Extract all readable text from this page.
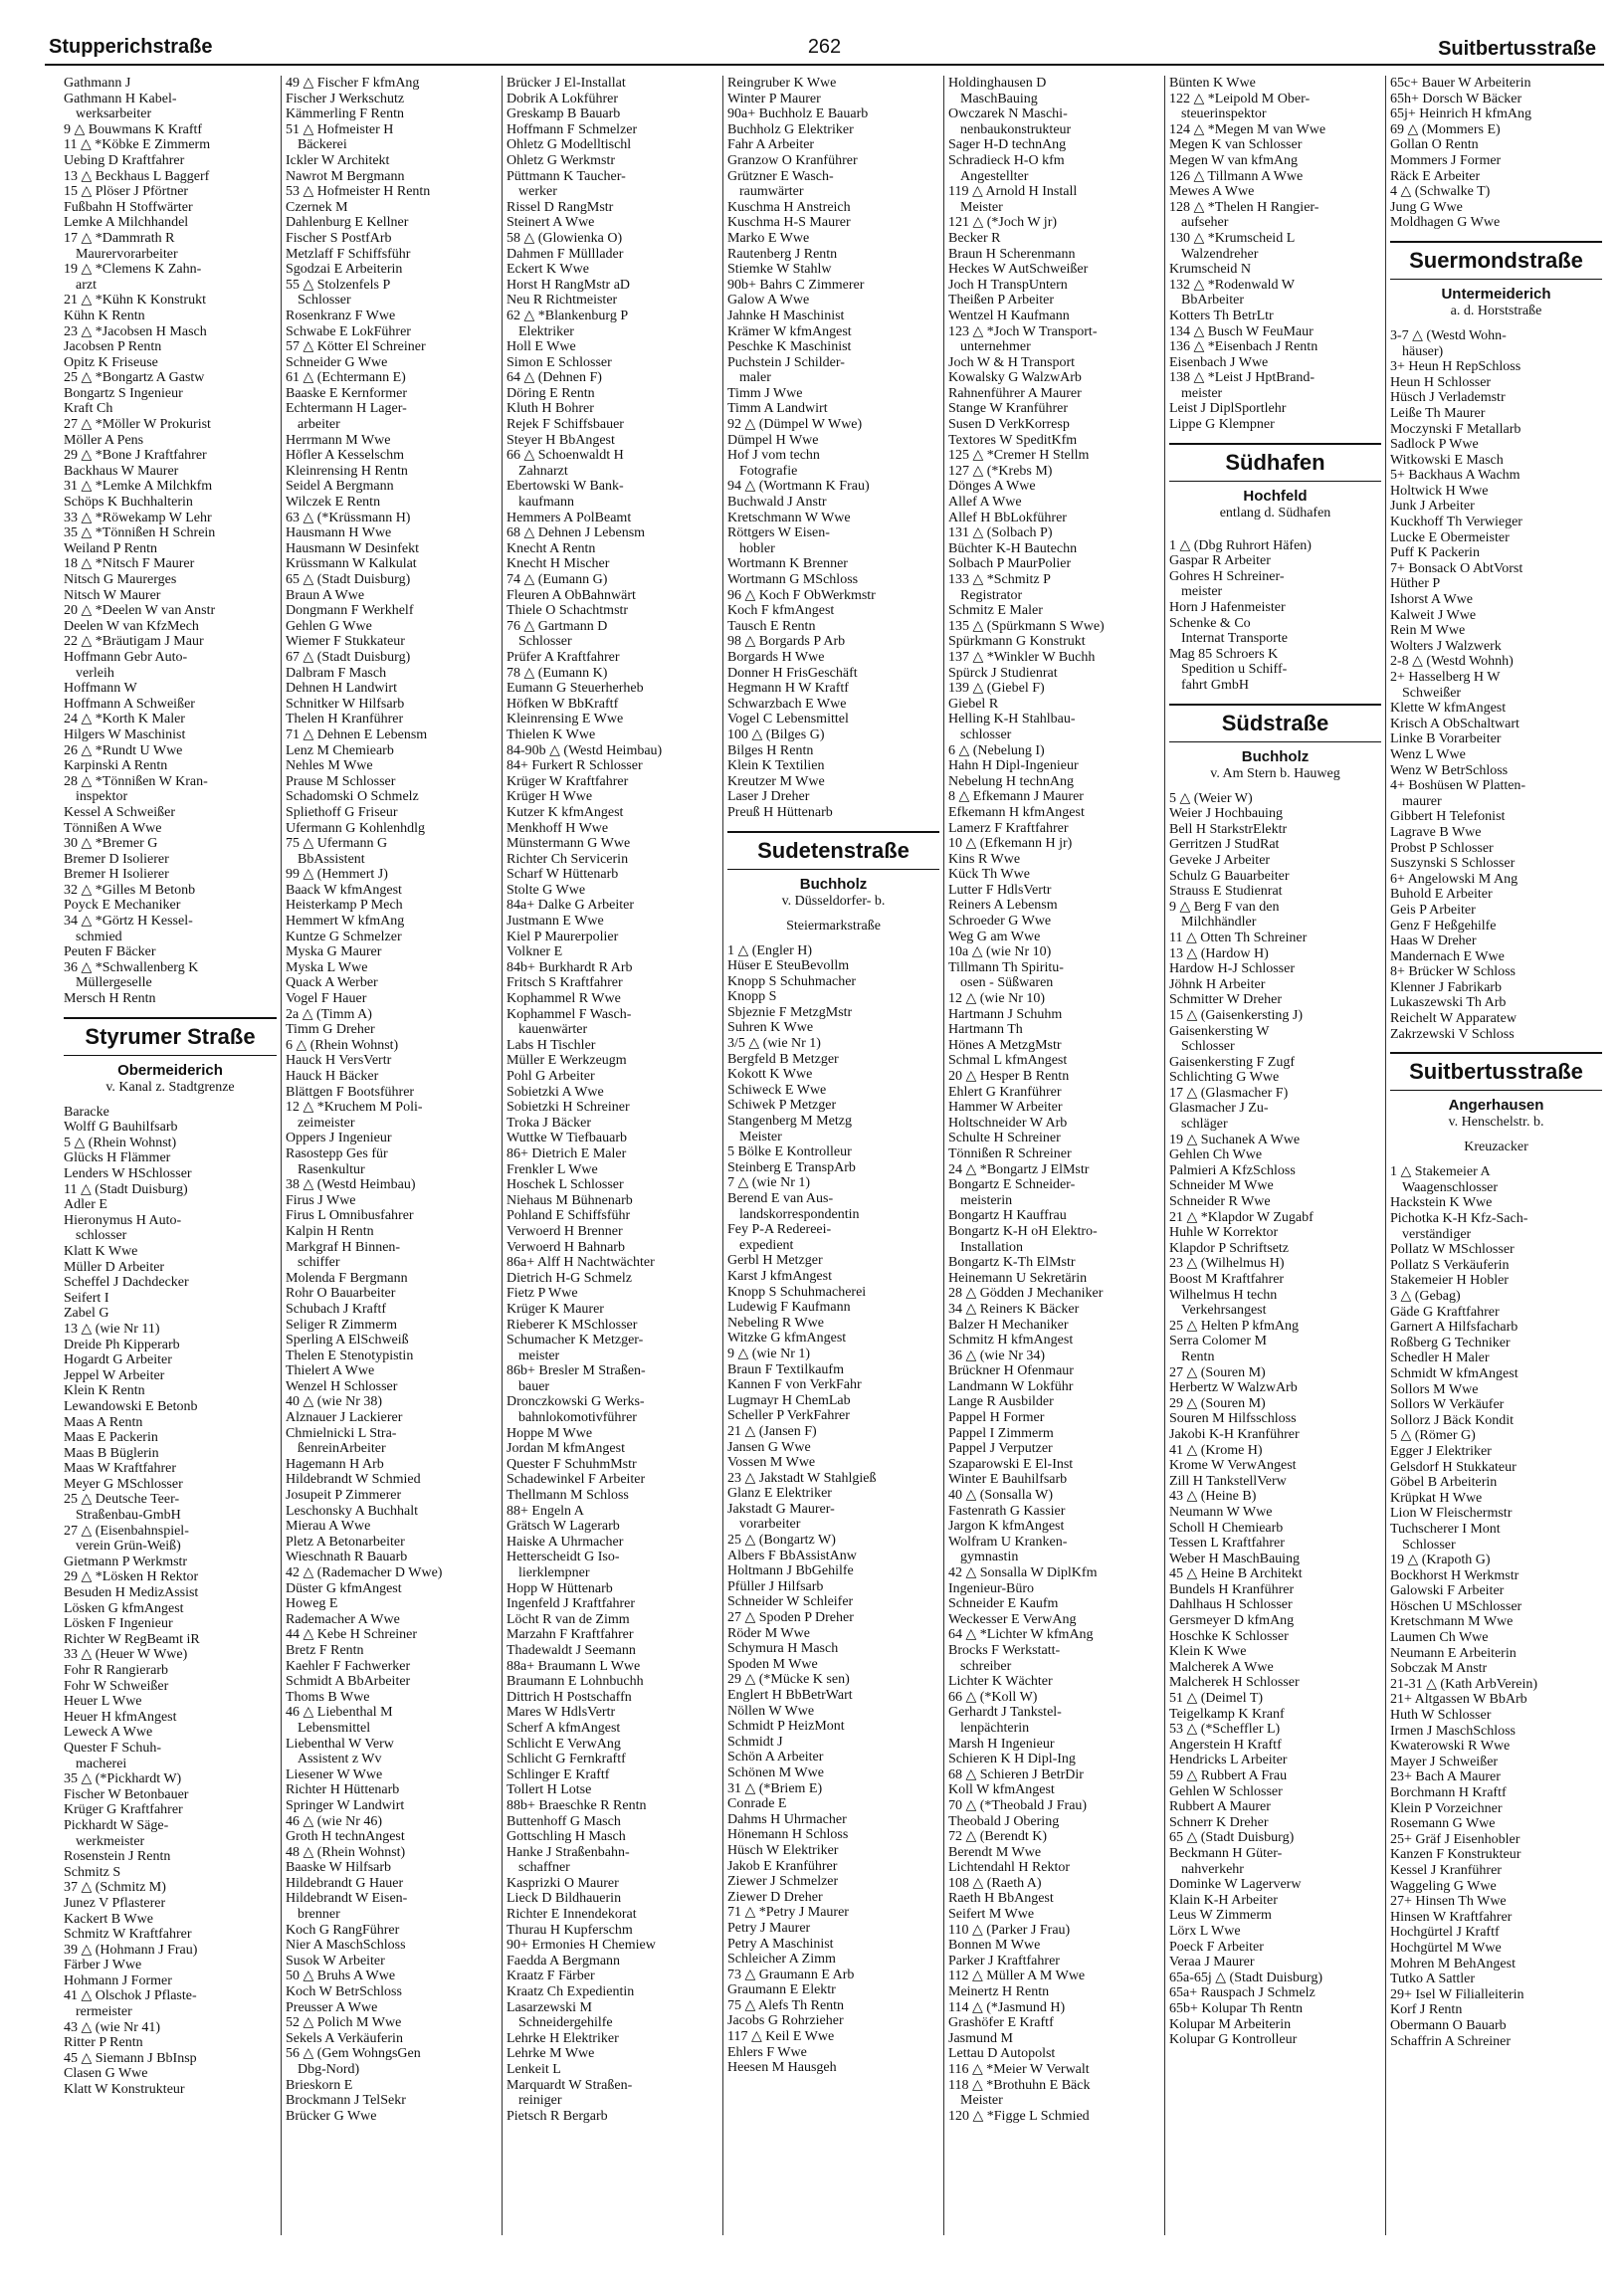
Stupperichstraße	262	Suitbertusstraße
Gathmann J
Gathmann H Kabel-
werksarbeiter
9 △ Bouwmans K Kraftf
11 △ *Köbke E Zimmerm
Uebing D Kraftfahrer
13 △ Beckhaus L Baggerf
15 △ Plöser J Pförtner
Fußbahn H Stoffwärter
Lemke A Milchhandel
17 △ *Dammrath R
Maurervorarbeiter
19 △ *Clemens K Zahn-
arzt
21 △ *Kühn K Konstrukt
Kühn K Rentn
23 △ *Jacobsen H Masch
Jacobsen P Rentn
Opitz K Friseuse
25 △ *Bongartz A Gastw
Bongartz S Ingenieur
Kraft Ch
27 △ *Möller W Prokurist
Möller A Pens
29 △ *Bone J Kraftfahrer
Backhaus W Maurer
31 △ *Lemke A Milchkfm
Schöps K Buchhalterin
33 △ *Röwekamp W Lehr
35 △ *Tönnißen H Schrein
Weiland P Rentn
18 △ *Nitsch F Maurer
Nitsch G Maurerges
Nitsch W Maurer
20 △ *Deelen W van Anstr
Deelen W van KfzMech
22 △ *Bräutigam J Maur
Hoffmann Gebr Auto-
verleih
Hoffmann W
Hoffmann A Schweißer
24 △ *Korth K Maler
Hilgers W Maschinist
26 △ *Rundt U Wwe
Karpinski A Rentn
28 △ *Tönnißen W Kran-
inspektor
Kessel A Schweißer
Tönnißen A Wwe
30 △ *Bremer G
Bremer D Isolierer
Bremer H Isolierer
32 △ *Gilles M Betonb
Poyck E Mechaniker
34 △ *Görtz H Kessel-
schmied
Peuten F Bäcker
36 △ *Schwallenberg K
Müllergeselle
Mersch H Rentn
Styrumer Straße
Obermeiderich
v. Kanal z. Stadtgrenze
Baracke
Wolff G Bauhilfsarb
5 △ (Rhein Wohnst)
Glücks H Flämmer
Lenders W HSchlosser
11 △ (Stadt Duisburg)
Adler E
Hieronymus H Auto-
schlosser
Klatt K Wwe
Müller D Arbeiter
Scheffel J Dachdecker
Seifert I
Zabel G
13 △ (wie Nr 11)
Dreide Ph Kipperarb
Hogardt G Arbeiter
Jeppel W Arbeiter
Klein K Rentn
Lewandowski E Betonb
Maas A Rentn
Maas E Packerin
Maas B Büglerin
Maas W Kraftfahrer
Meyer G MSchlosser
25 △ Deutsche Teer-
Straßenbau-GmbH
27 △ (Eisenbahnspiel-
verein Grün-Weiß)
Gietmann P Werkmstr
29 △ *Lösken H Rektor
Besuden H MedizAssist
Lösken G kfmAngest
Lösken F Ingenieur
Richter W RegBeamt iR
33 △ (Heuer W Wwe)
Fohr R Rangierarb
Fohr W Schweißer
Heuer L Wwe
Heuer H kfmAngest
Leweck A Wwe
Quester F Schuh-
macherei
35 △ (*Pickhardt W)
Fischer W Betonbauer
Krüger G Kraftfahrer
Pickhardt W Säge-
werkmeister
Rosenstein J Rentn
Schmitz S
37 △ (Schmitz M)
Junez V Pflasterer
Kackert B Wwe
Schmitz W Kraftfahrer
39 △ (Hohmann J Frau)
Färber J Wwe
Hohmann J Former
41 △ Olschok J Pflaste-
rermeister
43 △ (wie Nr 41)
Ritter P Rentn
45 △ Siemann J BbInsp
Clasen G Wwe
Klatt W Konstrukteur
49 △ Fischer F kfmAng
Fischer J Werkschutz
Kämmerling F Rentn
51 △ Hofmeister H
Bäckerei
Ickler W Architekt
Nawrot M Bergmann
53 △ Hofmeister H Rentn
Czernek M
Dahlenburg E Kellner
Fischer S PostfArb
Metzlaff F Schiffsführ
Sgodzai E Arbeiterin
55 △ Stolzenfels P
Schlosser
Rosenkranz F Wwe
Schwabe E LokFührer
57 △ Kötter El Schreiner
Schneider G Wwe
61 △ (Echtermann E)
Baaske E Kernformer
Echtermann H Lager-
arbeiter
Herrmann M Wwe
Höfler A Kesselschm
Kleinrensing H Rentn
Seidel A Bergmann
Wilczek E Rentn
63 △ (*Krüssmann H)
Hausmann H Wwe
Hausmann W Desinfekt
Krüssmann W Kalkulat
65 △ (Stadt Duisburg)
Braun A Wwe
Dongmann F Werkhelf
Gehlen G Wwe
Wiemer F Stukkateur
67 △ (Stadt Duisburg)
Dalbram F Masch
Dehnen H Landwirt
Schnitker W Hilfsarb
Thelen H Kranführer
71 △ Dehnen E Lebensm
Lenz M Chemiearb
Nehles M Wwe
Prause M Schlosser
Schadomski O Schmelz
Spliethoff G Friseur
Ufermann G Kohlenhdlg
75 △ Ufermann G
BbAssistent
99 △ (Hemmert J)
Baack W kfmAngest
Heisterkamp P Mech
Hemmert W kfmAng
Kuntze G Schmelzer
Myska G Maurer
Myska L Wwe
Quack A Werber
Vogel F Hauer
2a △ (Timm A)
Timm G Dreher
6 △ (Rhein Wohnst)
Hauck H VersVertr
Hauck H Bäcker
Blättgen F Bootsführer
12 △ *Kruchem M Poli-
zeimeister
Oppers J Ingenieur
Rasostepp Ges für
Rasenkultur
38 △ (Westd Heimbau)
Firus J Wwe
Firus L Omnibusfahrer
Kalpin H Rentn
Markgraf H Binnen-
schiffer
Molenda F Bergmann
Rohr O Bauarbeiter
Schubach J Kraftf
Seliger R Zimmerm
Sperling A ElSchweiß
Thelen E Stenotypistin
Thielert A Wwe
Wenzel H Schlosser
40 △ (wie Nr 38)
Alznauer J Lackierer
Chmielnicki L Stra-
ßenreinArbeiter
Hagemann H Arb
Hildebrandt W Schmied
Josupeit P Zimmerer
Leschonsky A Buchhalt
Mierau A Wwe
Pletz A Betonarbeiter
Wieschnath R Bauarb
42 △ (Rademacher D Wwe)
Düster G kfmAngest
Howeg E
Rademacher A Wwe
44 △ Kebe H Schreiner
Bretz F Rentn
Kaehler F Fachwerker
Schmidt A BbArbeiter
Thoms B Wwe
46 △ Liebenthal M
Lebensmittel
Liebenthal W Verw
Assistent z Wv
Liesener W Wwe
Richter H Hüttenarb
Springer W Landwirt
46 △ (wie Nr 46)
Groth H technAngest
48 △ (Rhein Wohnst)
Baaske W Hilfsarb
Hildebrandt G Hauer
Hildebrandt W Eisen-
brenner
Koch G RangFührer
Nier A MaschSchloss
Susok W Arbeiter
50 △ Bruhs A Wwe
Koch W BetrSchloss
Preusser A Wwe
52 △ Polich M Wwe
Sekels A Verkäuferin
56 △ (Gem WohngsGen
Dbg-Nord)
Brieskorn E
Brockmann J TelSekr
Brücker G Wwe
Brücker J El-Installat
Dobrik A Lokführer
Greskamp B Bauarb
Hoffmann F Schmelzer
Ohletz G Modelltischl
Ohletz G Werkmstr
Püttmann K Taucher-
werker
Rissel D RangMstr
Steinert A Wwe
58 △ (Glowienka O)
Dahmen F Mülllader
Eckert K Wwe
Horst H RangMstr aD
Neu R Richtmeister
62 △ *Blankenburg P
Elektriker
Holl E Wwe
Simon E Schlosser
64 △ (Dehnen F)
Döring E Rentn
Kluth H Bohrer
Rejek F Schiffsbauer
Steyer H BbAngest
66 △ Schoenwaldt H
Zahnarzt
Ebertowski W Bank-
kaufmann
Hemmers A PolBeamt
68 △ Dehnen J Lebensm
Knecht A Rentn
Knecht H Mischer
74 △ (Eumann G)
Fleuren A ObBahnwärt
Thiele O Schachtmstr
76 △ Gartmann D
Schlosser
Prüfer A Kraftfahrer
78 △ (Eumann K)
Eumann G Steuerherheb
Höfken W BbKraftf
Kleinrensing E Wwe
Thielen K Wwe
84-90b △ (Westd Heimbau)
84+ Furkert R Schlosser
Krüger W Kraftfahrer
Krüger H Wwe
Kutzer K kfmAngest
Menkhoff H Wwe
Münstermann G Wwe
Richter Ch Servicerin
Scharf W Hüttenarb
Stolte G Wwe
84a+ Dalke G Arbeiter
Justmann E Wwe
Kiel P Maurerpolier
Volkner E
84b+ Burkhardt R Arb
Fritsch S Kraftfahrer
Kophammel R Wwe
Kophammel F Wasch-
kauenwärter
Labs H Tischler
Müller E Werkzeugm
Pohl G Arbeiter
Sobietzki A Wwe
Sobietzki H Schreiner
Troka J Bäcker
Wuttke W Tiefbauarb
86+ Dietrich E Maler
Frenkler L Wwe
Hoschek L Schlosser
Niehaus M Bühnenarb
Pohland E Schiffsführ
Verwoerd H Brenner
Verwoerd H Bahnarb
86a+ Alff H Nachtwächter
Dietrich H-G Schmelz
Fietz P Wwe
Krüger K Maurer
Rieberer K MSchlosser
Schumacher K Metzger-
meister
86b+ Bresler M Straßen-
bauer
Dronczkowski G Werks-
bahnlokomotivführer
Hoppe M Wwe
Jordan M kfmAngest
Quester F SchuhmMstr
Schadewinkel F Arbeiter
Thellmann M Schloss
88+ Engeln A
Grätsch W Lagerarb
Haiske A Uhrmacher
Hetterscheidt G Iso-
lierklempner
Hopp W Hüttenarb
Ingenfeld J Kraftfahrer
Löcht R van de Zimm
Marzahn F Kraftfahrer
Thadewaldt J Seemann
88a+ Braumann L Wwe
Braumann E Lohnbuchh
Dittrich H Postschaffn
Mares W HdlsVertr
Scherf A kfmAngest
Schlicht E VerwAng
Schlicht G Fernkraftf
Schlinger E Kraftf
Tollert H Lotse
88b+ Braeschke R Rentn
Buttenhoff G Masch
Gottschling H Masch
Hanke J Straßenbahn-
schaffner
Kasprizki O Maurer
Lieck D Bildhauerin
Richter E Innendekorat
Thurau H Kupferschm
90+ Ermonies H Chemiew
Faedda A Bergmann
Kraatz F Färber
Kraatz Ch Expedientin
Lasarzewski M
Schneidergehilfe
Lehrke H Elektriker
Lehrke M Wwe
Lenkeit L
Marquardt W Straßen-
reiniger
Pietsch R Bergarb
Reingruber K Wwe
Winter P Maurer
90a+ Buchholz E Bauarb
Buchholz G Elektriker
Fahr A Arbeiter
Granzow O Kranführer
Grützner E Wasch-
raumwärter
Kuschma H Anstreich
Kuschma H-S Maurer
Marko E Wwe
Rautenberg J Rentn
Stiemke W Stahlw
90b+ Bahrs C Zimmerer
Galow A Wwe
Jahnke H Maschinist
Krämer W kfmAngest
Peschke K Maschinist
Puchstein J Schilder-
maler
Timm J Wwe
Timm A Landwirt
92 △ (Dümpel W Wwe)
Dümpel H Wwe
Hof J vom techn
Fotografie
94 △ (Wortmann K Frau)
Buchwald J Anstr
Kretschmann W Wwe
Röttgers W Eisen-
hobler
Wortmann K Brenner
Wortmann G MSchloss
96 △ Koch F ObWerkmstr
Koch F kfmAngest
Tausch E Rentn
98 △ Borgards P Arb
Borgards H Wwe
Donner H FrisGeschäft
Hegmann H W Kraftf
Schwarzbach E Wwe
Vogel C Lebensmittel
100 △ (Bilges G)
Bilges H Rentn
Klein K Textilien
Kreutzer M Wwe
Laser J Dreher
Preuß H Hüttenarb
Sudetenstraße
Buchholz
v. Düsseldorfer- b.
Steiermarkstraße
1 △ (Engler H)
Hüser E SteuBevollm
Knopp S Schuhmacher
Knopp S
Sbjeznie F MetzgMstr
Suhren K Wwe
3/5 △ (wie Nr 1)
Bergfeld B Metzger
Kokott K Wwe
Schiweck E Wwe
Schiwek P Metzger
Stangenberg M Metzg
Meister
5 Bölke E Kontrolleur
Steinberg E TranspArb
7 △ (wie Nr 1)
Berend E van Aus-
landskorrespondentin
Fey P-A Redereei-
expedient
Gerbl H Metzger
Karst J kfmAngest
Knopp S Schuhmacherei
Ludewig F Kaufmann
Nebeling R Wwe
Witzke G kfmAngest
9 △ (wie Nr 1)
Braun F Textilkaufm
Kannen F von VerkFahr
Lugmayr H ChemLab
Scheller P VerkFahrer
21 △ (Jansen F)
Jansen G Wwe
Vossen M Wwe
23 △ Jakstadt W Stahlgieß
Glanz E Elektriker
Jakstadt G Maurer-
vorarbeiter
25 △ (Bongartz W)
Albers F BbAssistAnw
Holtmann J BbGehilfe
Pfüller J Hilfsarb
Schneider W Schleifer
27 △ Spoden P Dreher
Röder M Wwe
Schymura H Masch
Spoden M Wwe
29 △ (*Mücke K sen)
Englert H BbBetrWart
Nöllen W Wwe
Schmidt P HeizMont
Schmidt J
Schön A Arbeiter
Schönen M Wwe
31 △ (*Briem E)
Conrade E
Dahms H Uhrmacher
Hönemann H Schloss
Hüsch W Elektriker
Jakob E Kranführer
Ziewer J Schmelzer
Ziewer D Dreher
71 △ *Petry J Maurer
Petry J Maurer
Petry A Maschinist
Schleicher A Zimm
73 △ Graumann E Arb
Graumann E Elektr
75 △ Alefs Th Rentn
Jacobs G Rohrzieher
117 △ Keil E Wwe
Ehlers F Wwe
Heesen M Hausgeh
Holdinghausen D
MaschBauing
Owczarek N Maschi-
nenbaukonstrukteur
Sager H-D technAng
Schradieck H-O kfm
Angestellter
119 △ Arnold H Install
Meister
121 △ (*Joch W jr)
Becker R
Braun H Scherenmann
Heckes W AutSchweißer
Joch H TranspUntern
Theißen P Arbeiter
Wentzel H Kaufmann
123 △ *Joch W Transport-
unternehmer
Joch W & H Transport
Kowalsky G WalzwArb
Rahnenführer A Maurer
Stange W Kranführer
Susen D VerkKorresp
Textores W SpeditKfm
125 △ *Cremer H Stellm
127 △ (*Krebs M)
Dönges A Wwe
Allef A Wwe
Allef H BbLokführer
131 △ (Solbach P)
Büchter K-H Bautechn
Solbach P MaurPolier
133 △ *Schmitz P
Registrator
Schmitz E Maler
135 △ (Spürkmann S Wwe)
Spürkmann G Konstrukt
137 △ *Winkler W Buchh
Spürck J Studienrat
139 △ (Giebel F)
Giebel R
Helling K-H Stahlbau-
schlosser
6 △ (Nebelung I)
Hahn H Dipl-Ingenieur
Nebelung H technAng
8 △ Efkemann J Maurer
Efkemann H kfmAngest
Lamerz F Kraftfahrer
10 △ (Efkemann H jr)
Kins R Wwe
Kück Th Wwe
Lutter F HdlsVertr
Reiners A Lebensm
Schroeder G Wwe
Weg G am Wwe
10a △ (wie Nr 10)
Tillmann Th Spiritu-
osen - Süßwaren
12 △ (wie Nr 10)
Hartmann J Schuhm
Hartmann Th
Hönes A MetzgMstr
Schmal L kfmAngest
20 △ Hesper B Rentn
Ehlert G Kranführer
Hammer W Arbeiter
Holtschneider W Arb
Schulte H Schreiner
Tönnißen R Schreiner
24 △ *Bongartz J ElMstr
Bongartz E Schneider-
meisterin
Bongartz H Kauffrau
Bongartz K-H oH Elektro-
Installation
Bongartz K-Th ElMstr
Heinemann U Sekretärin
28 △ Gödden J Mechaniker
34 △ Reiners K Bäcker
Balzer H Mechaniker
Schmitz H kfmAngest
36 △ (wie Nr 34)
Brückner H Ofenmaur
Landmann W Lokführ
Lange R Ausbilder
Pappel H Former
Pappel I Zimmerm
Pappel J Verputzer
Szaparowski E El-Inst
Winter E Bauhilfsarb
40 △ (Sonsalla W)
Fastenrath G Kassier
Jargon K kfmAngest
Wolfram U Kranken-
gymnastin
42 △ Sonsalla W DiplKfm
Ingenieur-Büro
Schneider E Kaufm
Weckesser E VerwAng
64 △ *Lichter W kfmAng
Brocks F Werkstatt-
schreiber
Lichter K Wächter
66 △ (*Koll W)
Gerhardt J Tankstel-
lenpächterin
Marsh H Ingenieur
Schieren K H Dipl-Ing
68 △ Schieren J BetrDir
Koll W kfmAngest
70 △ (*Theobald J Frau)
Theobald J Obering
72 △ (Berendt K)
Berendt M Wwe
Lichtendahl H Rektor
108 △ (Raeth A)
Raeth H BbAngest
Seifert M Wwe
110 △ (Parker J Frau)
Bonnen M Wwe
Parker J Kraftfahrer
112 △ Müller A M Wwe
Meinertz H Rentn
114 △ (*Jasmund H)
Grashöfer E Kraftf
Jasmund M
Lettau D Autopolst
116 △ *Meier W Verwalt
118 △ *Brothuhn E Bäck
Meister
120 △ *Figge L Schmied
Bünten K Wwe
122 △ *Leipold M Ober-
steuerinspektor
124 △ *Megen M van Wwe
Megen K van Schlosser
Megen W van kfmAng
126 △ Tillmann A Wwe
Mewes A Wwe
128 △ *Thelen H Rangier-
aufseher
130 △ *Krumscheid L
Walzendreher
Krumscheid N
132 △ *Rodenwald W
BbArbeiter
Kotters Th BetrLtr
134 △ Busch W FeuMaur
136 △ *Eisenbach J Rentn
Eisenbach J Wwe
138 △ *Leist J HptBrand-
meister
Leist J DiplSportlehr
Lippe G Klempner
Südhafen
Hochfeld
entlang d. Südhafen
1 △ (Dbg Ruhrort Häfen)
Gaspar R Arbeiter
Gohres H Schreiner-
meister
Horn J Hafenmeister
Schenke & Co
Internat Transporte
Mag 85 Schroers K
Spedition u Schiff-
fahrt GmbH
Südstraße
Buchholz
v. Am Stern b. Hauweg
5 △ (Weier W)
Weier J Hochbauing
Bell H StarkstrElektr
Gerritzen J StudRat
Geveke J Arbeiter
Schulz G Bauarbeiter
Strauss E Studienrat
9 △ Berg F van den
Milchhändler
11 △ Otten Th Schreiner
13 △ (Hardow H)
Hardow H-J Schlosser
Jöhnk H Arbeiter
Schmitter W Dreher
15 △ (Gaisenkersting J)
Gaisenkersting W
Schlosser
Gaisenkersting F Zugf
Schlichting G Wwe
17 △ (Glasmacher F)
Glasmacher J Zu-
schläger
19 △ Suchanek A Wwe
Gehlen Ch Wwe
Palmieri A KfzSchloss
Schneider M Wwe
Schneider R Wwe
21 △ *Klapdor W Zugabf
Huhle W Korrektor
Klapdor P Schriftsetz
23 △ (Wilhelmus H)
Boost M Kraftfahrer
Wilhelmus H techn
Verkehrsangest
25 △ Helten P kfmAng
Serra Colomer M
Rentn
27 △ (Souren M)
Herbertz W WalzwArb
29 △ (Souren M)
Souren M Hilfsschloss
Jakobi K-H Kranführer
41 △ (Krome H)
Krome W VerwAngest
Zill H TankstellVerw
43 △ (Heine B)
Neumann W Wwe
Scholl H Chemiearb
Tessen L Kraftfahrer
Weber H MaschBauing
45 △ Heine B Architekt
Bundels H Kranführer
Dahlhaus H Schlosser
Gersmeyer D kfmAng
Hoschke K Schlosser
Klein K Wwe
Malcherek A Wwe
Malcherek H Schlosser
51 △ (Deimel T)
Teigelkamp K Kranf
53 △ (*Scheffler L)
Angerstein H Kraftf
Hendricks L Arbeiter
59 △ Rubbert A Frau
Gehlen W Schlosser
Rubbert A Maurer
Schnerr K Dreher
65 △ (Stadt Duisburg)
Beckmann H Güter-
nahverkehr
Dominke W Lagerverw
Klain K-H Arbeiter
Leus W Zimmerm
Lörx L Wwe
Poeck F Arbeiter
Veraa J Maurer
65a-65j △ (Stadt Duisburg)
65a+ Rauspach J Schmelz
65b+ Kolupar Th Rentn
Kolupar M Arbeiterin
Kolupar G Kontrolleur
65c+ Bauer W Arbeiterin
65h+ Dorsch W Bäcker
65j+ Heinrich H kfmAng
69 △ (Mommers E)
Gollan O Rentn
Mommers J Former
Räck E Arbeiter
4 △ (Schwalke T)
Jung G Wwe
Moldhagen G Wwe
Suermondstraße
Untermeiderich
a. d. Horststraße
3-7 △ (Westd Wohn-
häuser)
3+ Heun H RepSchloss
Heun H Schlosser
Hüsch J Verlademstr
Leiße Th Maurer
Moczynski F Metallarb
Sadlock P Wwe
Witkowski E Masch
5+ Backhaus A Wachm
Holtwick H Wwe
Junk J Arbeiter
Kuckhoff Th Verwieger
Lucke E Obermeister
Puff K Packerin
7+ Bonsack O AbtVorst
Hüther P
Ishorst A Wwe
Kalweit J Wwe
Rein M Wwe
Wolters J Walzwerk
2-8 △ (Westd Wohnh)
2+ Hasselberg H W
Schweißer
Klette W kfmAngest
Krisch A ObSchaltwart
Linke B Vorarbeiter
Wenz L Wwe
Wenz W BetrSchloss
4+ Boshüsen W Platten-
maurer
Gibbert H Telefonist
Lagrave B Wwe
Probst P Schlosser
Suszynski S Schlosser
6+ Angelowski M Ang
Buhold E Arbeiter
Geis P Arbeiter
Genz F Heßgehilfe
Haas W Dreher
Mandernach E Wwe
8+ Brücker W Schloss
Klenner J Fabrikarb
Lukaszewski Th Arb
Reichelt W Apparatew
Zakrzewski V Schloss
Suitbertusstraße
Angerhausen
v. Henschelstr. b.
Kreuzacker
1 △ Stakemeier A
Waagenschlosser
Hackstein K Wwe
Pichotka K-H Kfz-Sach-
verständiger
Pollatz W MSchlosser
Pollatz S Verkäuferin
Stakemeier H Hobler
3 △ (Gebag)
Gäde G Kraftfahrer
Garnert A Hilfsfacharb
Roßberg G Techniker
Schedler H Maler
Schmidt W kfmAngest
Sollors M Wwe
Sollors W Verkäufer
Sollorz J Bäck Kondit
5 △ (Römer G)
Egger J Elektriker
Gelsdorf H Stukkateur
Göbel B Arbeiterin
Krüpkat H Wwe
Lion W Fleischermstr
Tuchscherer I Mont
Schlosser
19 △ (Krapoth G)
Bockhorst H Werkmstr
Galowski F Arbeiter
Höschen U MSchlosser
Kretschmann M Wwe
Laumen Ch Wwe
Neumann E Arbeiterin
Sobczak M Anstr
21-31 △ (Kath ArbVerein)
21+ Altgassen W BbArb
Huth W Schlosser
Irmen J MaschSchloss
Kwaterowski R Wwe
Mayer J Schweißer
23+ Bach A Maurer
Borchmann H Kraftf
Klein P Vorzeichner
Rosemann G Wwe
25+ Gräf J Eisenhobler
Kanzen F Konstrukteur
Kessel J Kranführer
Waggeling G Wwe
27+ Hinsen Th Wwe
Hinsen W Kraftfahrer
Hochgürtel J Kraftf
Hochgürtel M Wwe
Mohren M BehAngest
Tutko A Sattler
29+ Isel W Filialleiterin
Korf J Rentn
Obermann O Bauarb
Schaffrin A Schreiner
